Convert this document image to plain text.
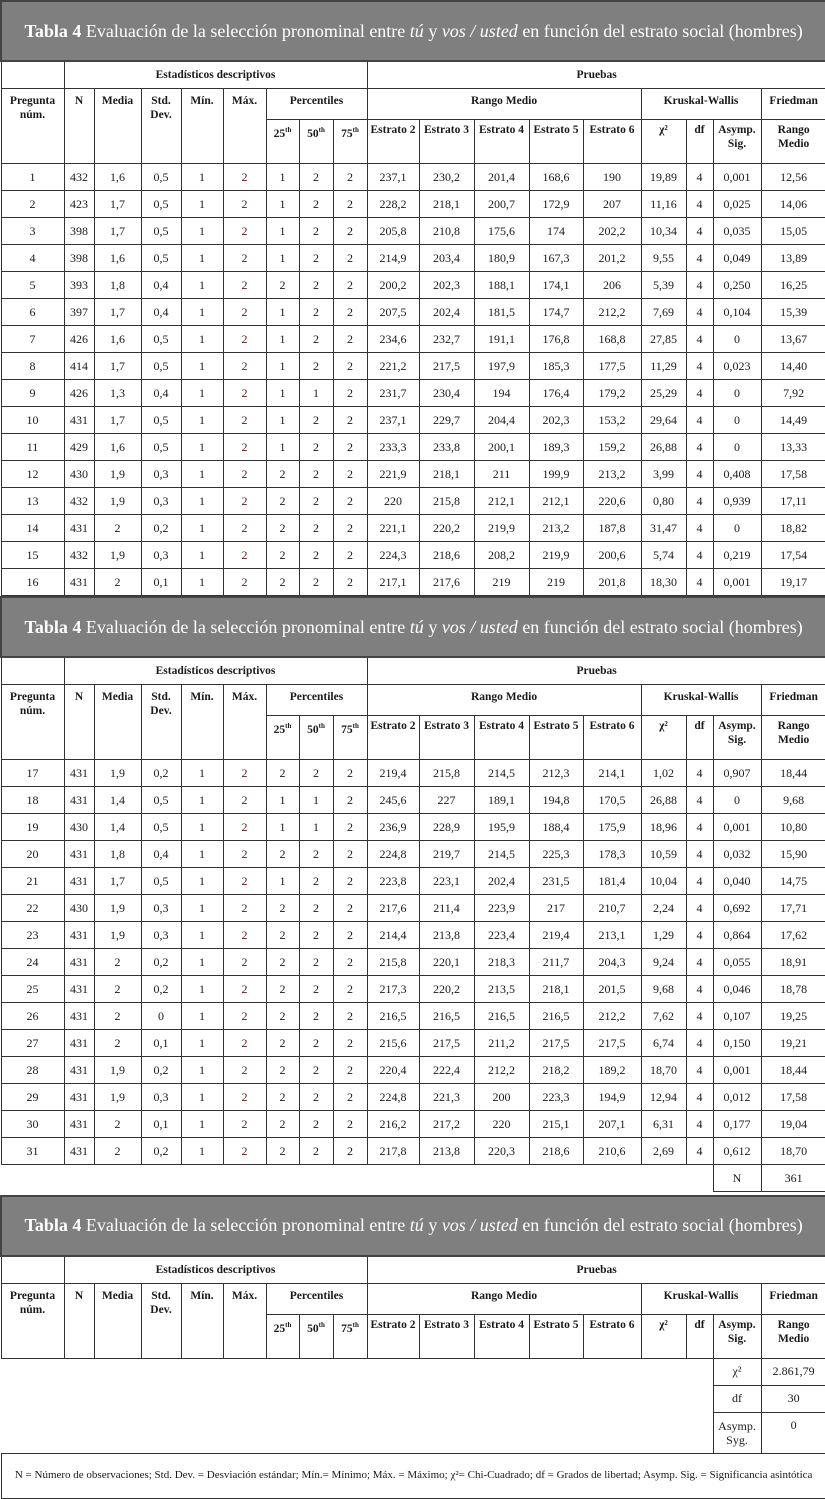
Tabla 4 Evaluación de la selección pronominal entre tú y vos / usted en función del estrato social (hombres)																	
	Estadísticos descriptivos								Pruebas								
Pregunta núm.	N	Media	Std. Dev.	Mín.	Máx.	Percentiles			Rango Medio					Kruskal-Wallis			Friedman
						25th	50th	75th	Estrato 2	Estrato 3	Estrato 4	Estrato 5	Estrato 6	χ²	df	Asymp. Sig.	Rango Medio
1	432	1,6	0,5	1	2	1	2	2	237,1	230,2	201,4	168,6	190	19,89	4	0,001	12,56
2	423	1,7	0,5	1	2	1	2	2	228,2	218,1	200,7	172,9	207	11,16	4	0,025	14,06
3	398	1,7	0,5	1	2	1	2	2	205,8	210,8	175,6	174	202,2	10,34	4	0,035	15,05
4	398	1,6	0,5	1	2	1	2	2	214,9	203,4	180,9	167,3	201,2	9,55	4	0,049	13,89
5	393	1,8	0,4	1	2	2	2	2	200,2	202,3	188,1	174,1	206	5,39	4	0,250	16,25
6	397	1,7	0,4	1	2	1	2	2	207,5	202,4	181,5	174,7	212,2	7,69	4	0,104	15,39
7	426	1,6	0,5	1	2	1	2	2	234,6	232,7	191,1	176,8	168,8	27,85	4	0	13,67
8	414	1,7	0,5	1	2	1	2	2	221,2	217,5	197,9	185,3	177,5	11,29	4	0,023	14,40
9	426	1,3	0,4	1	2	1	1	2	231,7	230,4	194	176,4	179,2	25,29	4	0	7,92
10	431	1,7	0,5	1	2	1	2	2	237,1	229,7	204,4	202,3	153,2	29,64	4	0	14,49
11	429	1,6	0,5	1	2	1	2	2	233,3	233,8	200,1	189,3	159,2	26,88	4	0	13,33
12	430	1,9	0,3	1	2	2	2	2	221,9	218,1	211	199,9	213,2	3,99	4	0,408	17,58
13	432	1,9	0,3	1	2	2	2	2	220	215,8	212,1	212,1	220,6	0,80	4	0,939	17,11
14	431	2	0,2	1	2	2	2	2	221,1	220,2	219,9	213,2	187,8	31,47	4	0	18,82
15	432	1,9	0,3	1	2	2	2	2	224,3	218,6	208,2	219,9	200,6	5,74	4	0,219	17,54
16	431	2	0,1	1	2	2	2	2	217,1	217,6	219	219	201,8	18,30	4	0,001	19,17
Tabla 4 Evaluación de la selección pronominal entre tú y vos / usted en función del estrato social (hombres)																	
	Estadísticos descriptivos								Pruebas								
Pregunta núm.	N	Media	Std. Dev.	Mín.	Máx.	Percentiles			Rango Medio					Kruskal-Wallis			Friedman
						25th	50th	75th	Estrato 2	Estrato 3	Estrato 4	Estrato 5	Estrato 6	χ²	df	Asymp. Sig.	Rango Medio
17	431	1,9	0,2	1	2	2	2	2	219,4	215,8	214,5	212,3	214,1	1,02	4	0,907	18,44
18	431	1,4	0,5	1	2	1	1	2	245,6	227	189,1	194,8	170,5	26,88	4	0	9,68
19	430	1,4	0,5	1	2	1	1	2	236,9	228,9	195,9	188,4	175,9	18,96	4	0,001	10,80
20	431	1,8	0,4	1	2	2	2	2	224,8	219,7	214,5	225,3	178,3	10,59	4	0,032	15,90
21	431	1,7	0,5	1	2	1	2	2	223,8	223,1	202,4	231,5	181,4	10,04	4	0,040	14,75
22	430	1,9	0,3	1	2	2	2	2	217,6	211,4	223,9	217	210,7	2,24	4	0,692	17,71
23	431	1,9	0,3	1	2	2	2	2	214,4	213,8	223,4	219,4	213,1	1,29	4	0,864	17,62
24	431	2	0,2	1	2	2	2	2	215,8	220,1	218,3	211,7	204,3	9,24	4	0,055	18,91
25	431	2	0,2	1	2	2	2	2	217,3	220,2	213,5	218,1	201,5	9,68	4	0,046	18,78
26	431	2	0	1	2	2	2	2	216,5	216,5	216,5	216,5	212,2	7,62	4	0,107	19,25
27	431	2	0,1	1	2	2	2	2	215,6	217,5	211,2	217,5	217,5	6,74	4	0,150	19,21
28	431	1,9	0,2	1	2	2	2	2	220,4	222,4	212,2	218,2	189,2	18,70	4	0,001	18,44
29	431	1,9	0,3	1	2	2	2	2	224,8	221,3	200	223,3	194,9	12,94	4	0,012	17,58
30	431	2	0,1	1	2	2	2	2	216,2	217,2	220	215,1	207,1	6,31	4	0,177	19,04
31	431	2	0,2	1	2	2	2	2	217,8	213,8	220,3	218,6	210,6	2,69	4	0,612	18,70
																N	361

Tabla 4 Evaluación de la selección pronominal entre tú y vos / usted en función del estrato social (hombres)																	
	Estadísticos descriptivos								Pruebas								
Pregunta núm.	N	Media	Std. Dev.	Mín.	Máx.	Percentiles			Rango Medio					Kruskal-Wallis			Friedman
						25th	50th	75th	Estrato 2	Estrato 3	Estrato 4	Estrato 5	Estrato 6	χ²	df	Asymp. Sig.	Rango Medio
																χ²	2.861,79
																df	30
																Asymp. Syg.	0
N = Número de observaciones; Std. Dev. = Desviación estándar; Mín.= Mínimo; Máx. = Máximo; χ²= Chi-Cuadrado; df = Grados de libertad; Asymp. Sig. = Significancia asintótica																	
